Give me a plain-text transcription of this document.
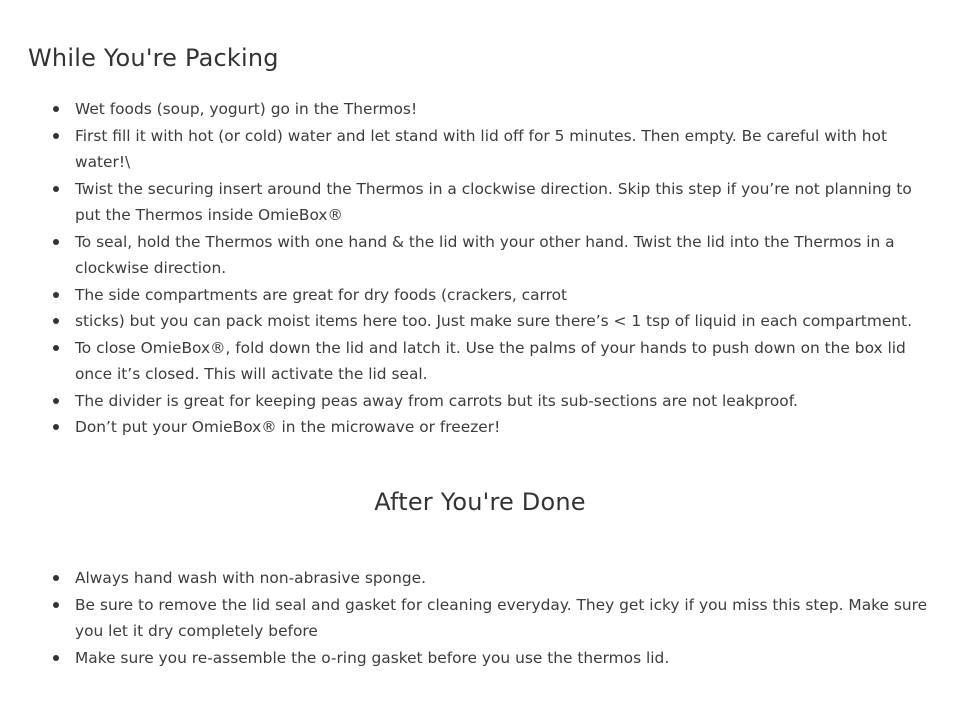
While You're Packing
Wet foods (soup, yogurt) go in the Thermos!
First fill it with hot (or cold) water and let stand with lid off for 5 minutes. Then empty. Be careful with hot water!\
Twist the securing insert around the Thermos in a clockwise direction. Skip this step if you’re not planning to put the Thermos inside OmieBox®
To seal, hold the Thermos with one hand & the lid with your other hand. Twist the lid into the Thermos in a clockwise direction.
The side compartments are great for dry foods (crackers, carrot
sticks) but you can pack moist items here too. Just make sure there’s < 1 tsp of liquid in each compartment.
To close OmieBox®, fold down the lid and latch it. Use the palms of your hands to push down on the box lid once it’s closed. This will activate the lid seal.
The divider is great for keeping peas away from carrots but its sub-sections are not leakproof.
Don’t put your OmieBox® in the microwave or freezer!
After You're Done
Always hand wash with non-abrasive sponge.
Be sure to remove the lid seal and gasket for cleaning everyday. They get icky if you miss this step. Make sure you let it dry completely before
Make sure you re-assemble the o-ring gasket before you use the thermos lid.
